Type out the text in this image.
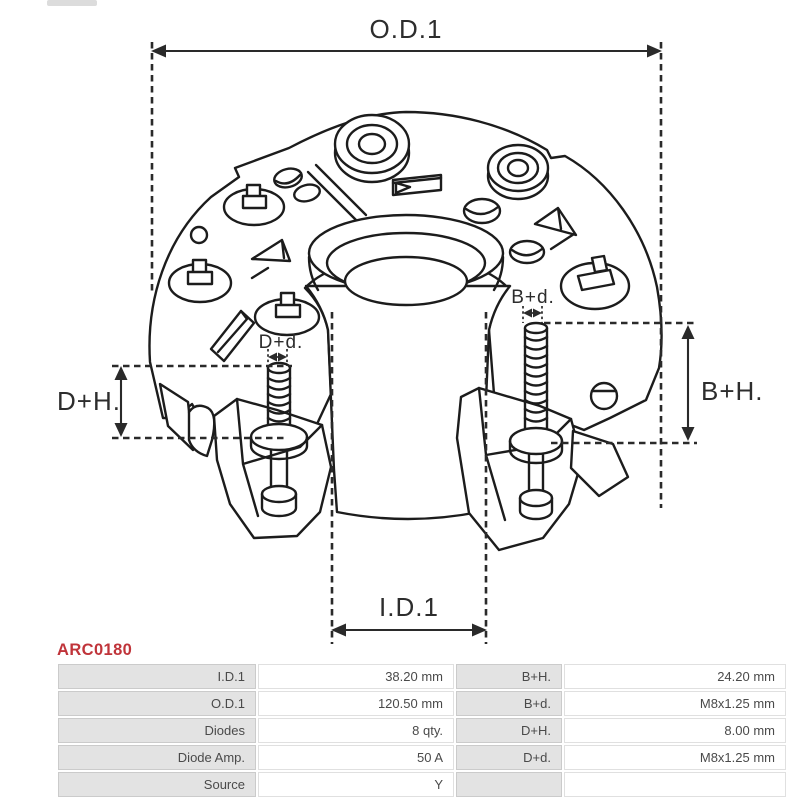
O.D.1
I.D.1
D+H.	B+H.
D+d.
B+d.
ARC0180
I.D.1	38.20 mm	B+H.	24.20 mm
O.D.1	120.50 mm	B+d.	M8x1.25 mm
Diodes	8 qty.	D+H.	8.00 mm
Diode Amp.	50 A	D+d.	M8x1.25 mm
Source	Y		
